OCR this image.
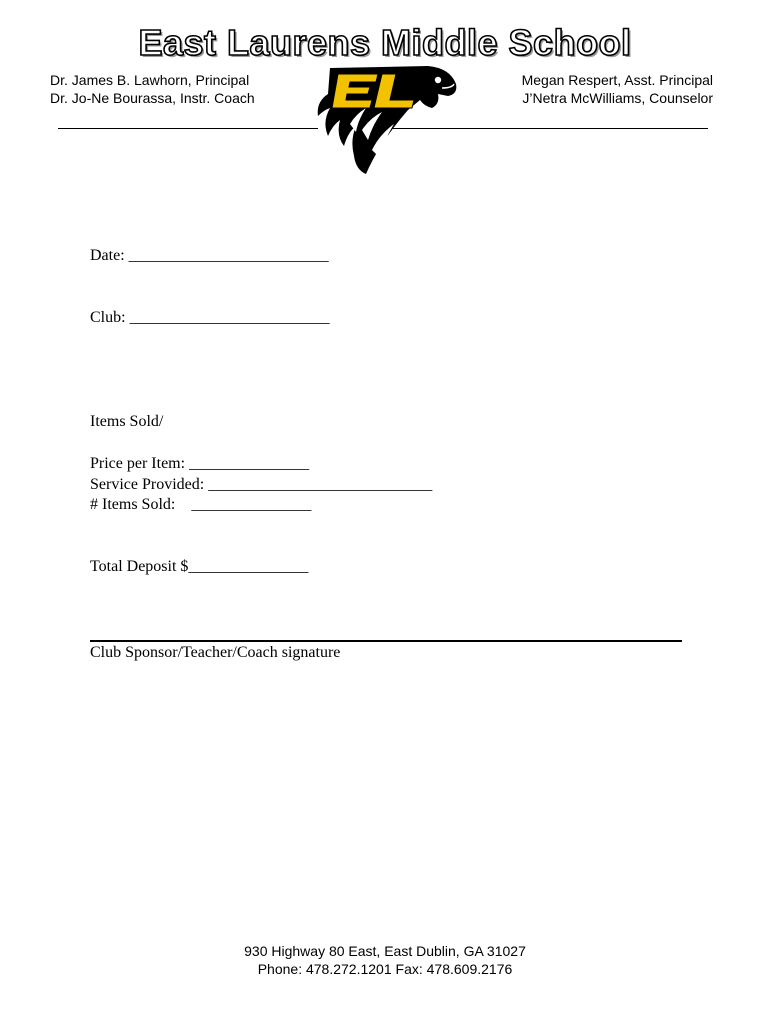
East Laurens Middle School
Dr. James B. Lawhorn, Principal
Dr. Jo-Ne Bourassa, Instr. Coach
Megan Respert, Asst. Principal
J’Netra McWilliams, Counselor
Date: _________________________
Club: _________________________

Items Sold/

Service Provided: ____________________________

Price per Item: _______________
# Items Sold:    _______________
Total Deposit $_______________
Club Sponsor/Teacher/Coach signature
930 Highway 80 East, East Dublin, GA 31027
Phone: 478.272.1201 Fax: 478.609.2176
